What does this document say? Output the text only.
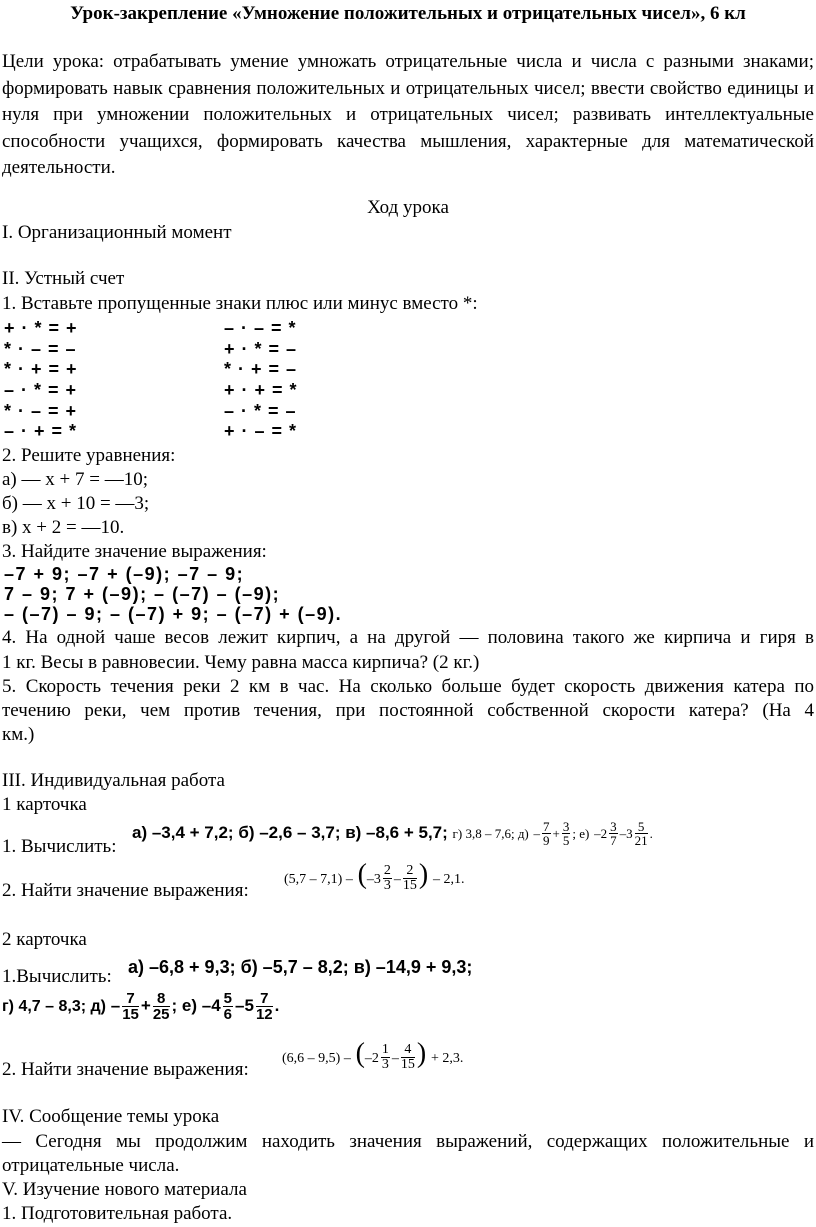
Урок-закрепление «Умножение положительных и отрицательных чисел», 6 кл
Цели урока: отрабатывать умение умножать отрицательные числа и числа с разными знаками; формировать навык сравнения положительных и отрицательных чисел; ввести свойство единицы и нуля при умножении положительных и отрицательных чисел; развивать интеллектуальные способности учащихся, формировать качества мышления, характерные для математической деятельности.
Ход урока
I. Организационный момент
II. Устный счет
1. Вставьте пропущенные знаки плюс или минус вместо *:
+ · * = +
* · – = –
* · + = +
– · * = +
* · – = +
– · + = *
– · – = *
+ · * = –
* · + = –
+ · + = *
– · * = –
+ · – = *
2. Решите уравнения:
а) — х + 7 = —10;
б) — х + 10 = —3;
в) х + 2 = —10.
3. Найдите значение выражения:
–7 + 9; –7 + (–9); –7 – 9;
7 – 9; 7 + (–9); – (–7) – (–9);
– (–7) – 9; – (–7) + 9; – (–7) + (–9).
4. На одной чаше весов лежит кирпич, а на другой — половина такого же кирпича и гиря в
1 кг. Весы в равновесии. Чему равна масса кирпича? (2 кг.)
5. Скорость течения реки 2 км в час. На сколько больше будет скорость движения катера по
течению реки, чем против течения, при постоянной собственной скорости катера? (На 4
км.)
III. Индивидуальная работа
1 карточка
1. Вычислить:
а) –3,4 + 7,2; б) –2,6 – 3,7; в) –8,6 + 5,7; г) 3,8 – 7,6; $д) - \frac{7}{9} + \frac{3}{5}$ ; е) $-2 \frac{3}{7} -3 \frac{5}{21}$ .
2. Найти значение выражения:
$(5,7 - 7,1) - (-3 \frac{2}{3} - \frac{2}{15}$ ) – 2,1.
2 карточка
1.Вычислить: а) –6,8 + 9,3; б) –5,7 – 8,2; в) –14,9 + 9,3;
г) 4,7 – 8,3; $д) - \frac{7}{15} + \frac{8}{25}$ ; е) $-4 \frac{5}{6} -5 \frac{7}{12}$ .
2. Найти значение выражения:
$(6,6 - 9,5) - (-2 \frac{1}{3} - \frac{4}{15}$ ) + 2,3.
IV. Сообщение темы урока
— Сегодня мы продолжим находить значения выражений, содержащих положительные и
отрицательные числа.
V. Изучение нового материала
1. Подготовительная работа.
